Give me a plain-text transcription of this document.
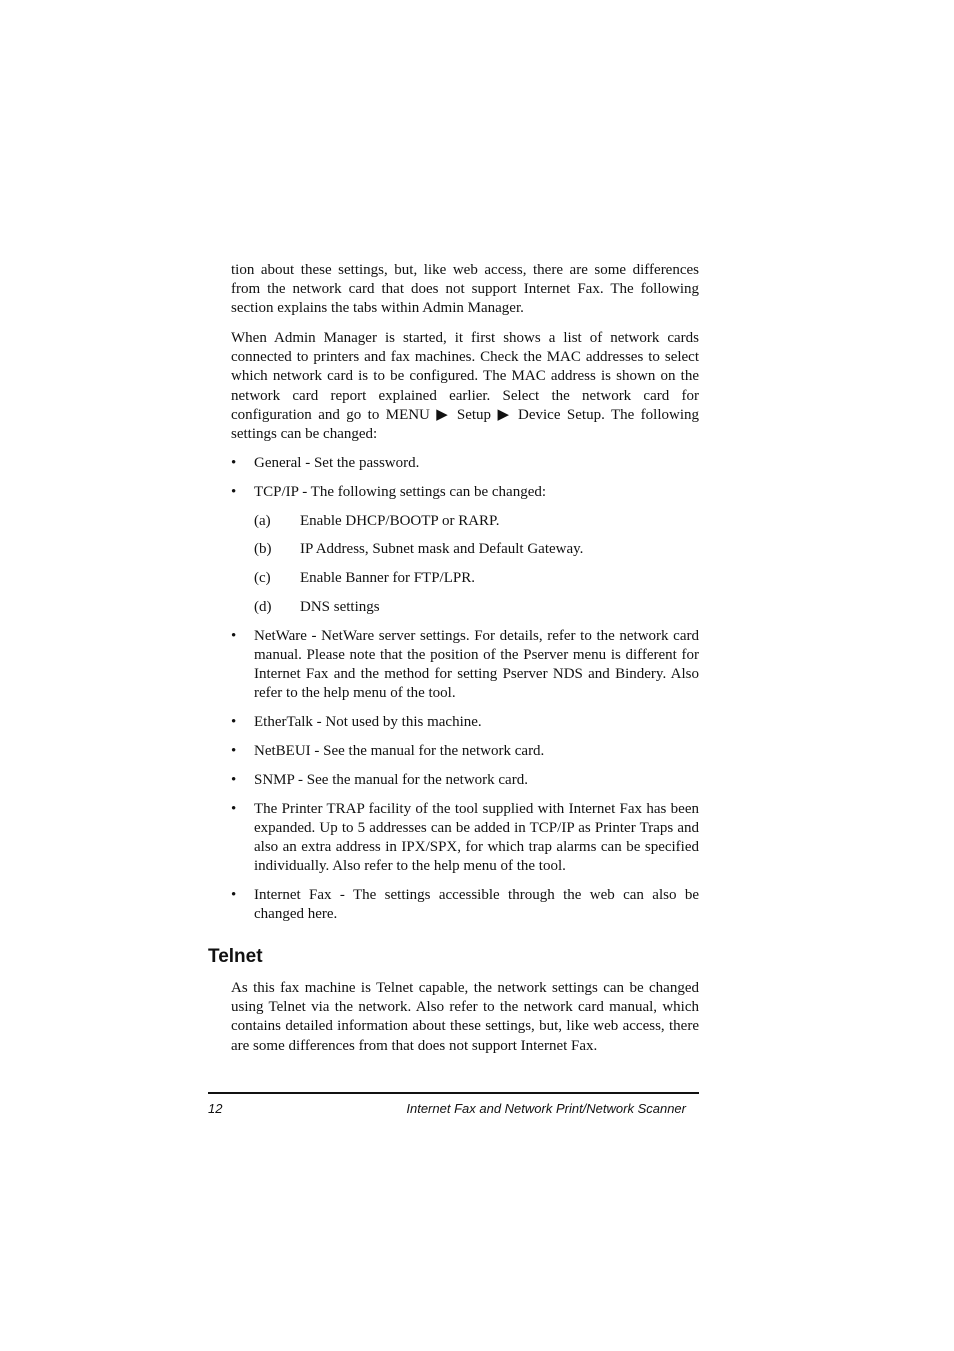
tion about these settings, but, like web access, there are some differences from the network card that does not support Internet Fax. The following section explains the tabs within Admin Manager.

When Admin Manager is started, it first shows a list of network cards connected to printers and fax machines. Check the MAC addresses to select which network card is to be configured. The MAC address is shown on the network card report explained earlier. Select the network card for configuration and go to MENU ▶ Setup ▶ Device Setup. The following settings can be changed:

• General - Set the password.
• TCP/IP - The following settings can be changed:
(a) Enable DHCP/BOOTP or RARP.
(b) IP Address, Subnet mask and Default Gateway.
(c) Enable Banner for FTP/LPR.
(d) DNS settings
• NetWare - NetWare server settings. For details, refer to the network card manual. Please note that the position of the Pserver menu is different for Internet Fax and the method for setting Pserver NDS and Bindery. Also refer to the help menu of the tool.
• EtherTalk - Not used by this machine.
• NetBEUI - See the manual for the network card.
• SNMP - See the manual for the network card.
• The Printer TRAP facility of the tool supplied with Internet Fax has been expanded. Up to 5 addresses can be added in TCP/IP as Printer Traps and also an extra address in IPX/SPX, for which trap alarms can be specified individually. Also refer to the help menu of the tool.
• Internet Fax - The settings accessible through the web can also be changed here.
Telnet

As this fax machine is Telnet capable, the network settings can be changed using Telnet via the network. Also refer to the network card manual, which contains detailed information about these settings, but, like web access, there are some differences from that does not support Internet Fax.

12	Internet Fax and Network Print/Network Scanner
